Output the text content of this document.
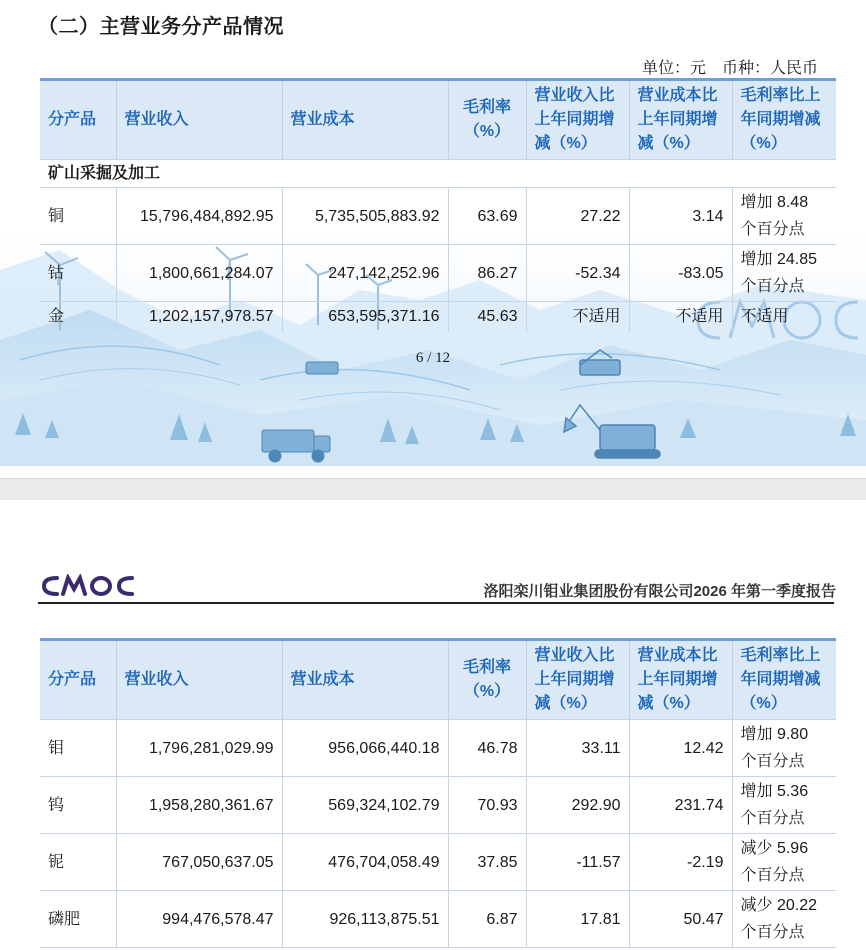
（二）主营业务分产品情况
单位：元　币种：人民币
分产品	营业收入	营业成本	毛利率（%）	营业收入比上年同期增减（%）	营业成本比上年同期增减（%）	毛利率比上年同期增减（%）
矿山采掘及加工						
铜	15,796,484,892.95	5,735,505,883.92	63.69	27.22	3.14	增加 8.48 个百分点
钴	1,800,661,284.07	247,142,252.96	86.27	-52.34	-83.05	增加 24.85 个百分点
金	1,202,157,978.57	653,595,371.16	45.63	不适用	不适用	不适用
6 / 12
洛阳栾川钼业集团股份有限公司2026 年第一季度报告
分产品	营业收入	营业成本	毛利率（%）	营业收入比上年同期增减（%）	营业成本比上年同期增减（%）	毛利率比上年同期增减（%）
钼	1,796,281,029.99	956,066,440.18	46.78	33.11	12.42	增加 9.80 个百分点
钨	1,958,280,361.67	569,324,102.79	70.93	292.90	231.74	增加 5.36 个百分点
铌	767,050,637.05	476,704,058.49	37.85	-11.57	-2.19	减少 5.96 个百分点
磷肥	994,476,578.47	926,113,875.51	6.87	17.81	50.47	减少 20.22 个百分点
